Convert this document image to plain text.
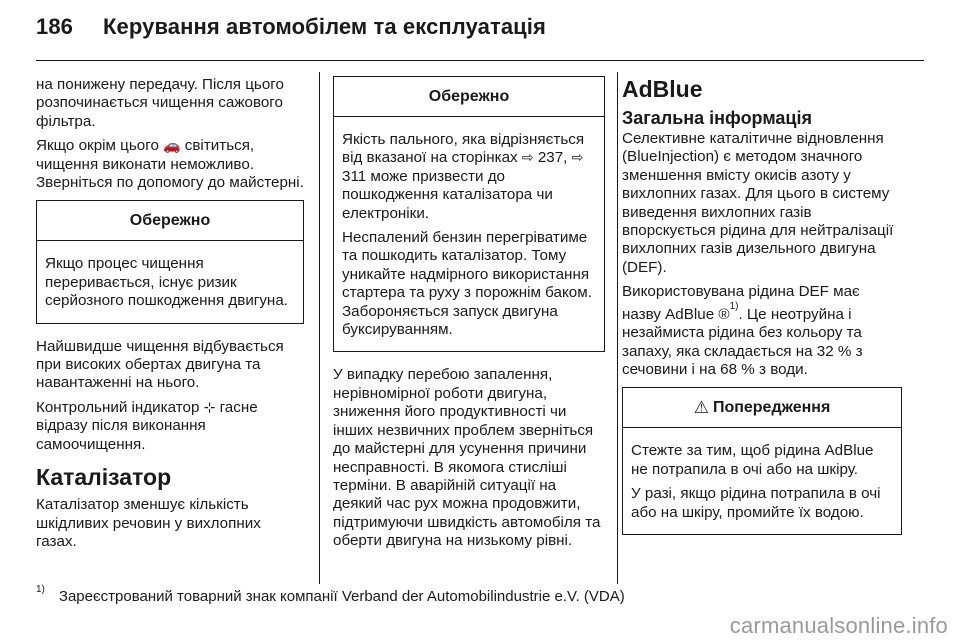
186 Керування автомобілем та експлуатація

на понижену передачу. Після цього розпочинається чищення сажового фільтра.

Якщо окрім цього 🚗 світиться, чищення виконати неможливо. Зверніться по допомогу до майстерні.

Обережно

Якщо процес чищення переривається, існує ризик серйозного пошкодження двигуна.

Найшвидше чищення відбувається при високих обертах двигуна та навантаженні на нього.

Контрольний індикатор ⊹ гасне відразу після виконання самоочищення.

Каталізатор

Каталізатор зменшує кількість шкідливих речовин у вихлопних газах.

Обережно

Якість пального, яка відрізняється від вказаної на сторінках ⇨ 237, ⇨ 311 може призвести до пошкодження каталізатора чи електроніки.

Неспалений бензин перегріватиме та пошкодить каталізатор. Тому уникайте надмірного використання стартера та руху з порожнім баком. Забороняється запуск двигуна буксируванням.

У випадку перебою запалення, нерівномірної роботи двигуна, зниження його продуктивності чи інших незвичних проблем зверніться до майстерні для усунення причини несправності. В якомога стисліші терміни. В аварійній ситуації на деякий час рух можна продовжити, підтримуючи швидкість автомобіля та оберти двигуна на низькому рівні.

AdBlue
Загальна інформація

Селективне каталітичне відновлення (BlueInjection) є методом значного зменшення вмісту окисів азоту у вихлопних газах. Для цього в систему виведення вихлопних газів впорскується рідина для нейтралізації вихлопних газів дизельного двигуна (DEF).

Використовувана рідина DEF має назву AdBlue ®$^{1)}$. Це неотруйна і незаймиста рідина без кольору та запаху, яка складається на 32 % з сечовини і на 68 % з води.

⚠ Попередження

Стежте за тим, щоб рідина AdBlue не потрапила в очі або на шкіру.

У разі, якщо рідина потрапила в очі або на шкіру, промийте їх водою.

1) Зареєстрований товарний знак компанії Verband der Automobilindustrie e.V. (VDA)
carmanualsonline.info
